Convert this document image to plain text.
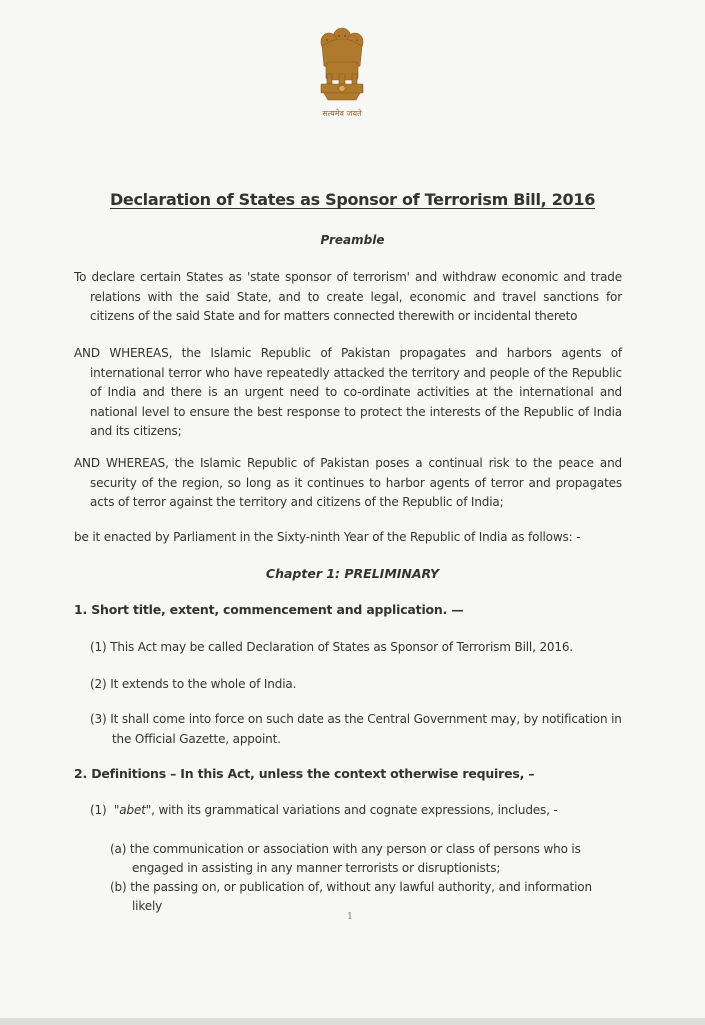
सत्यमेव जयते
Declaration of States as Sponsor of Terrorism Bill, 2016
Preamble

To declare certain States as 'state sponsor of terrorism' and withdraw economic and trade relations with the said State, and to create legal, economic and travel sanctions for citizens of the said State and for matters connected therewith or incidental thereto

AND WHEREAS, the Islamic Republic of Pakistan propagates and harbors agents of international terror who have repeatedly attacked the territory and people of the Republic of India and there is an urgent need to co-ordinate activities at the international and national level to ensure the best response to protect the interests of the Republic of India and its citizens;

AND WHEREAS, the Islamic Republic of Pakistan poses a continual risk to the peace and security of the region, so long as it continues to harbor agents of terror and propagates acts of terror against the territory and citizens of the Republic of India;

be it enacted by Parliament in the Sixty-ninth Year of the Republic of India as follows: -

Chapter 1: PRELIMINARY
1. Short title, extent, commencement and application. —

(1) This Act may be called Declaration of States as Sponsor of Terrorism Bill, 2016.

(2) It extends to the whole of India.

(3) It shall come into force on such date as the Central Government may, by notification in the Official Gazette, appoint.

2. Definitions – In this Act, unless the context otherwise requires, –

(1) "abet", with its grammatical variations and cognate expressions, includes, -

(a) the communication or association with any person or class of persons who is engaged in assisting in any manner terrorists or disruptionists;

(b) the passing on, or publication of, without any lawful authority, and information likely

1
